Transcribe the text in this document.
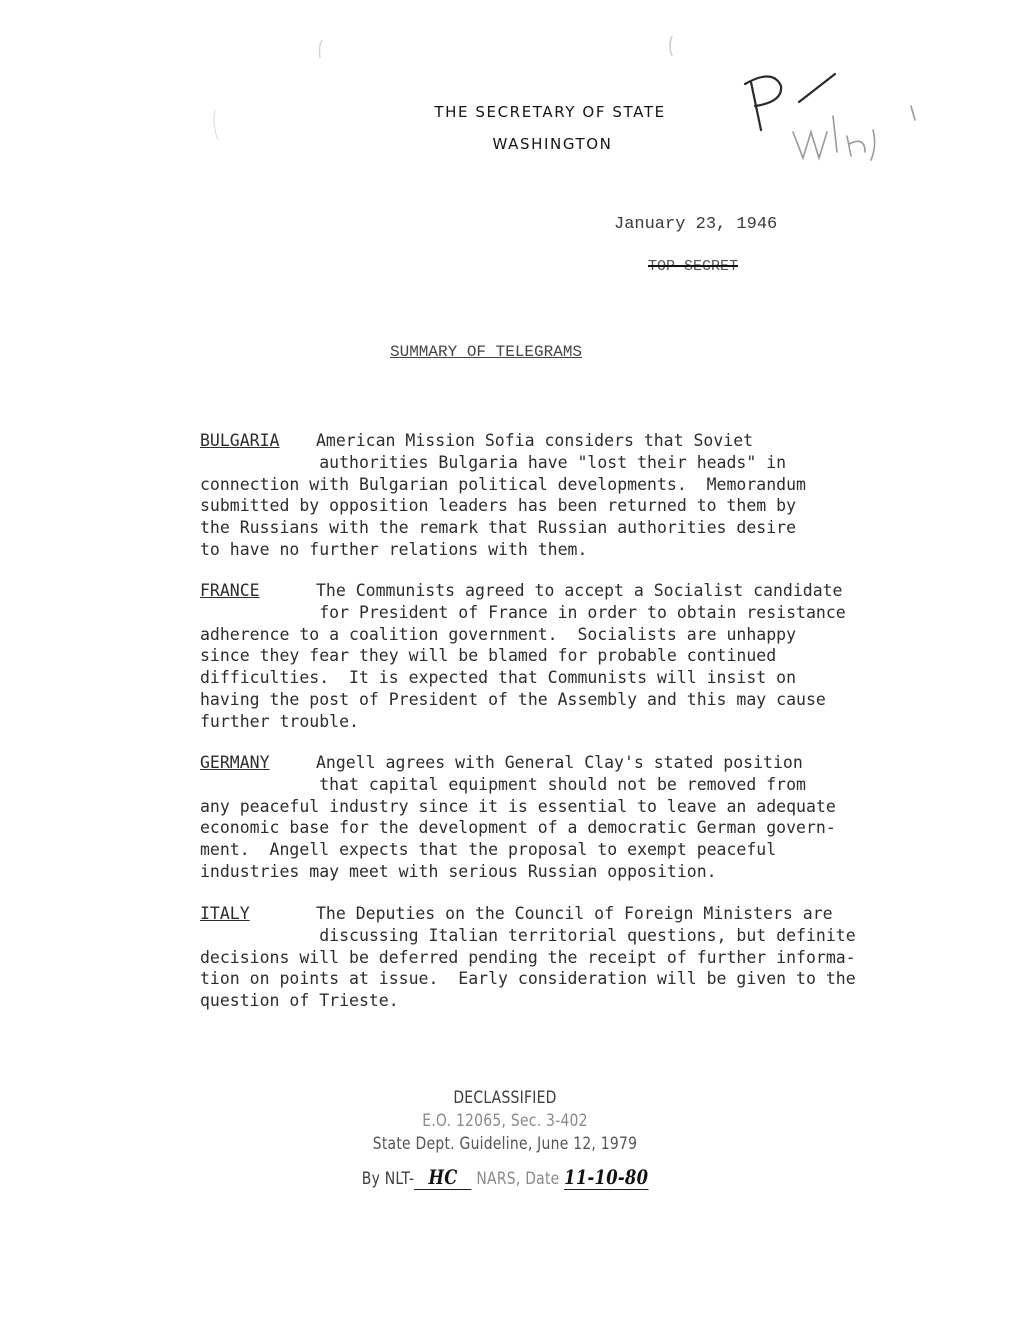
THE SECRETARY OF STATE
WASHINGTON
January 23, 1946
TOP SECRET
SUMMARY OF TELEGRAMS
BULGARIA American Mission Sofia considers that Soviet
authorities Bulgaria have "lost their heads" in
connection with Bulgarian political developments.  Memorandum
submitted by opposition leaders has been returned to them by
the Russians with the remark that Russian authorities desire
to have no further relations with them.
FRANCE	The Communists agreed to accept a Socialist candidate
for President of France in order to obtain resistance
adherence to a coalition government.  Socialists are unhappy
since they fear they will be blamed for probable continued
difficulties.  It is expected that Communists will insist on
having the post of President of the Assembly and this may cause
further trouble.
GERMANY	Angell agrees with General Clay's stated position
that capital equipment should not be removed from
any peaceful industry since it is essential to leave an adequate
economic base for the development of a democratic German govern-
ment.  Angell expects that the proposal to exempt peaceful
industries may meet with serious Russian opposition.
ITALY	The Deputies on the Council of Foreign Ministers are
discussing Italian territorial questions, but definite
decisions will be deferred pending the receipt of further informa-
tion on points at issue.  Early consideration will be given to the
question of Trieste.
DECLASSIFIED
E.O. 12065, Sec. 3-402
State Dept. Guideline, June 12, 1979
By NLT- HC NARS, Date 11-10-80
